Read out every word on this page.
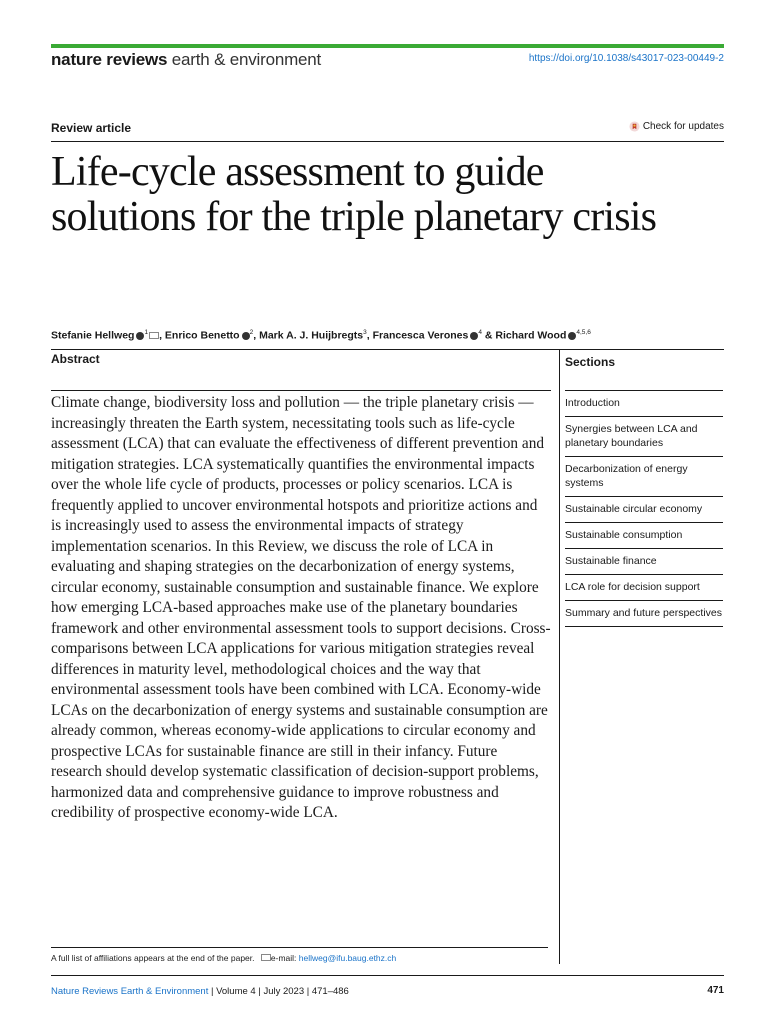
nature reviews earth & environment	https://doi.org/10.1038/s43017-023-00449-2
Review article	Check for updates
Life-cycle assessment to guide solutions for the triple planetary crisis
Stefanie Hellweg $^1$ , Enrico Benetto $^2$, Mark A. J. Huijbregts$^3$, Francesca Verones $^4$ & Richard Wood $^{4,5,6}$
Abstract
Climate change, biodiversity loss and pollution — the triple planetary crisis — increasingly threaten the Earth system, necessitating tools such as life-cycle assessment (LCA) that can evaluate the effectiveness of different prevention and mitigation strategies. LCA systematically quantifies the environmental impacts over the whole life cycle of products, processes or policy scenarios. LCA is frequently applied to uncover environmental hotspots and prioritize actions and is increasingly used to assess the environmental impacts of strategy implementation scenarios. In this Review, we discuss the role of LCA in evaluating and shaping strategies on the decarbonization of energy systems, circular economy, sustainable consumption and sustainable finance. We explore how emerging LCA-based approaches make use of the planetary boundaries framework and other environmental assessment tools to support decisions. Cross-comparisons between LCA applications for various mitigation strategies reveal differences in maturity level, methodological choices and the way that environmental assessment tools have been combined with LCA. Economy-wide LCAs on the decarbonization of energy systems and sustainable consumption are already common, whereas economy-wide applications to circular economy and prospective LCAs for sustainable finance are still in their infancy. Future research should develop systematic classification of decision-support problems, harmonized data and comprehensive guidance to improve robustness and credibility of prospective economy-wide LCA.
Sections
Introduction
Synergies between LCA and planetary boundaries
Decarbonization of energy systems
Sustainable circular economy
Sustainable consumption
Sustainable finance
LCA role for decision support
Summary and future perspectives
A full list of affiliations appears at the end of the paper. e-mail: hellweg@ifu.baug.ethz.ch
Nature Reviews Earth & Environment | Volume 4 | July 2023 | 471–486	471
